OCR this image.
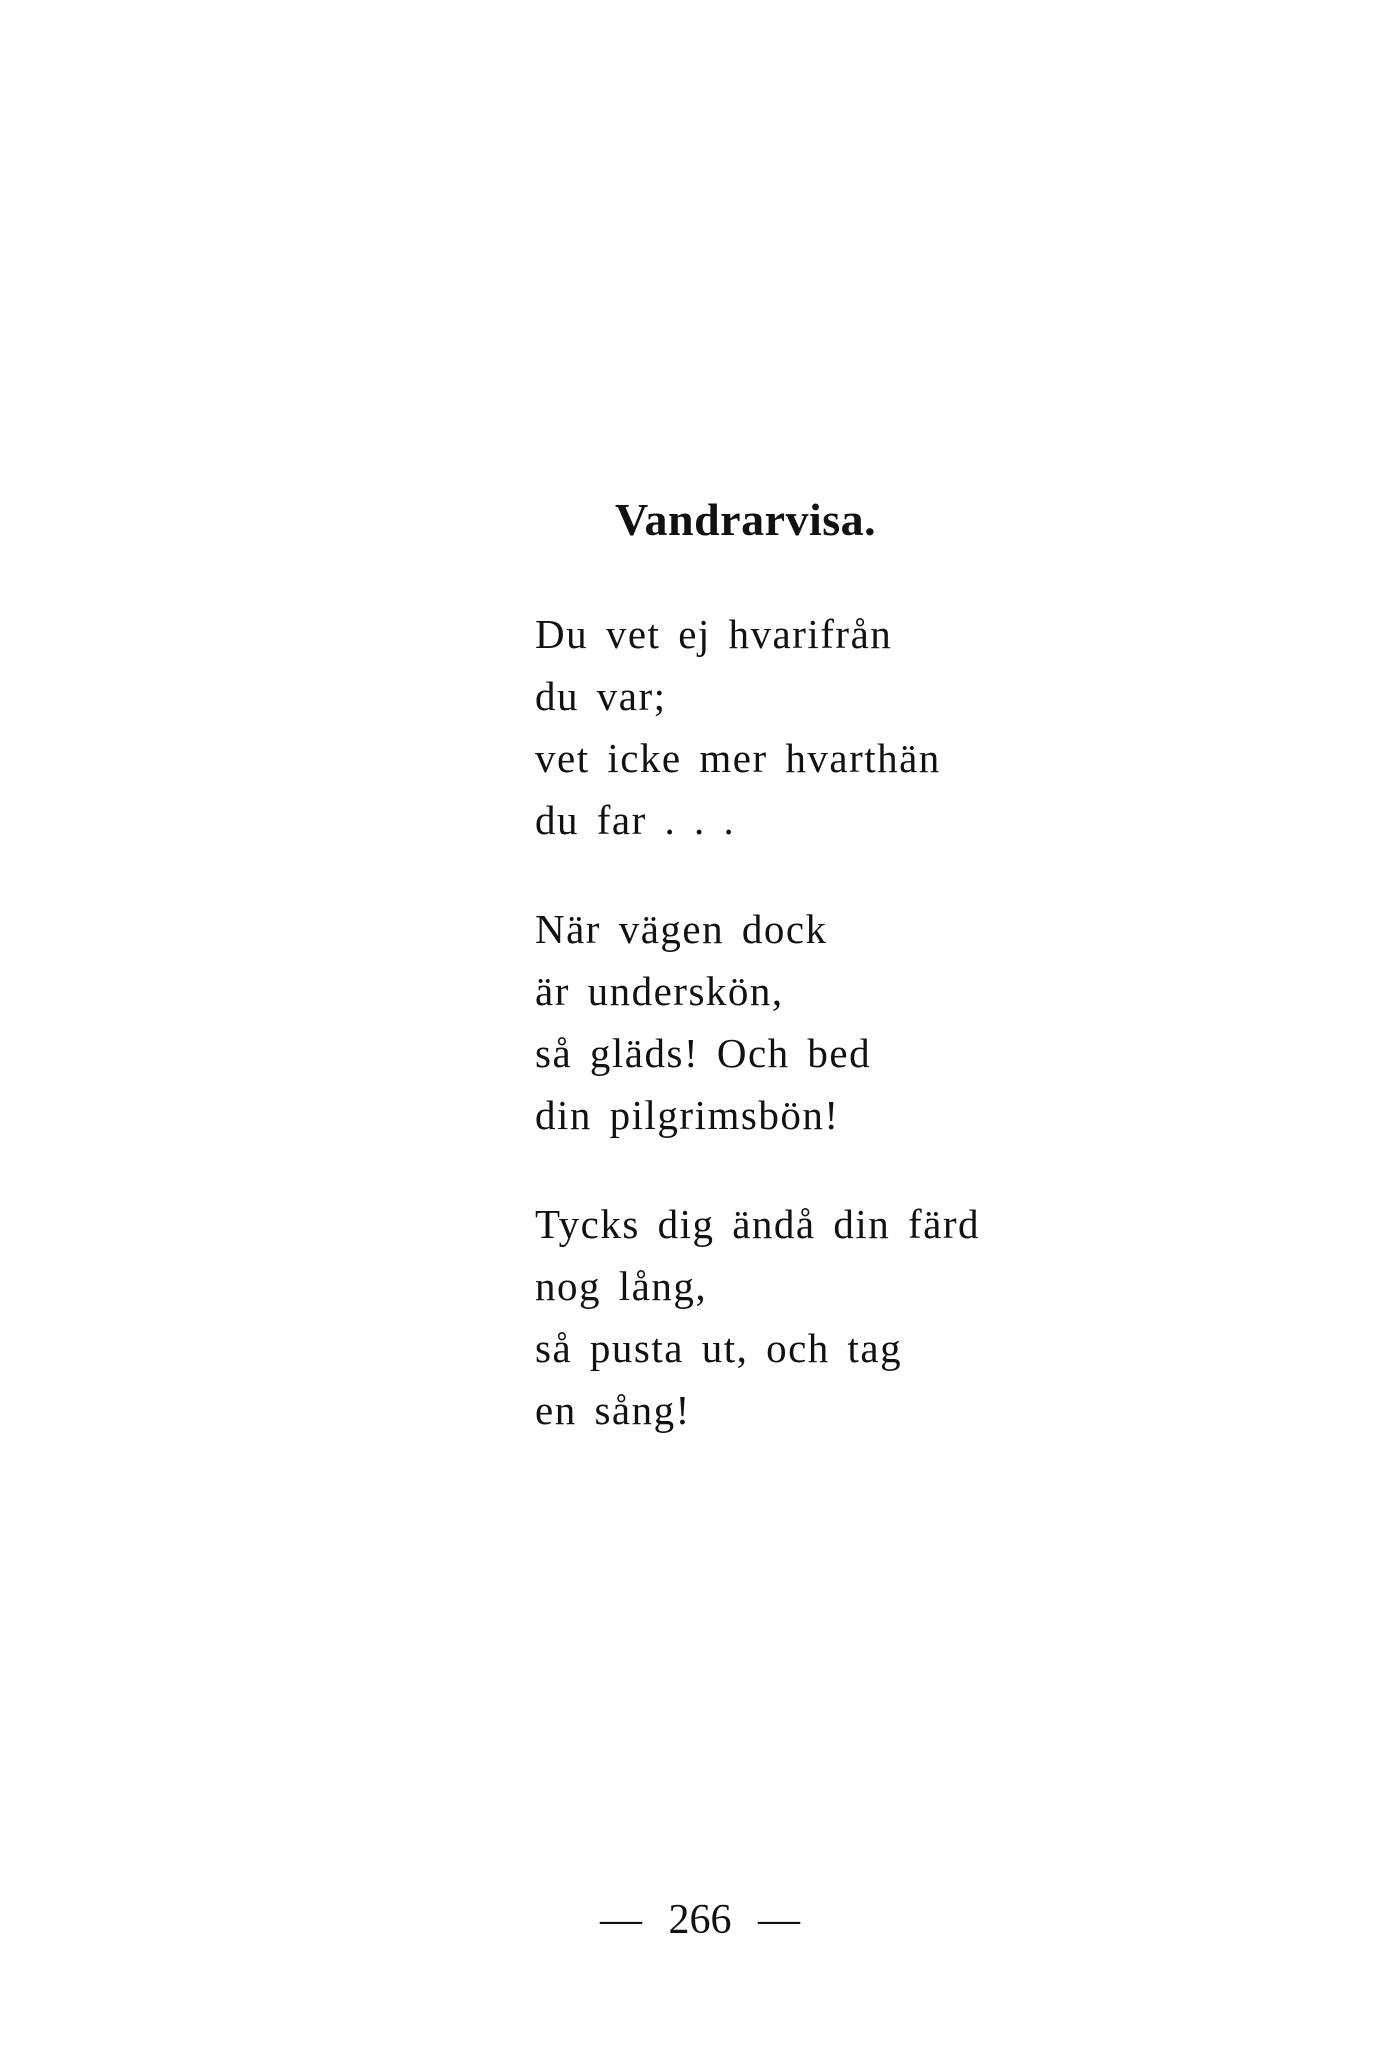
Vandrarvisa.
Du vet ej hvarifrån
du var;
vet icke mer hvarthän
du far . . .
När vägen dock
är underskön,
så gläds! Och bed
din pilgrimsbön!
Tycks dig ändå din färd
nog lång,
så pusta ut, och tag
en sång!
— 266 —
